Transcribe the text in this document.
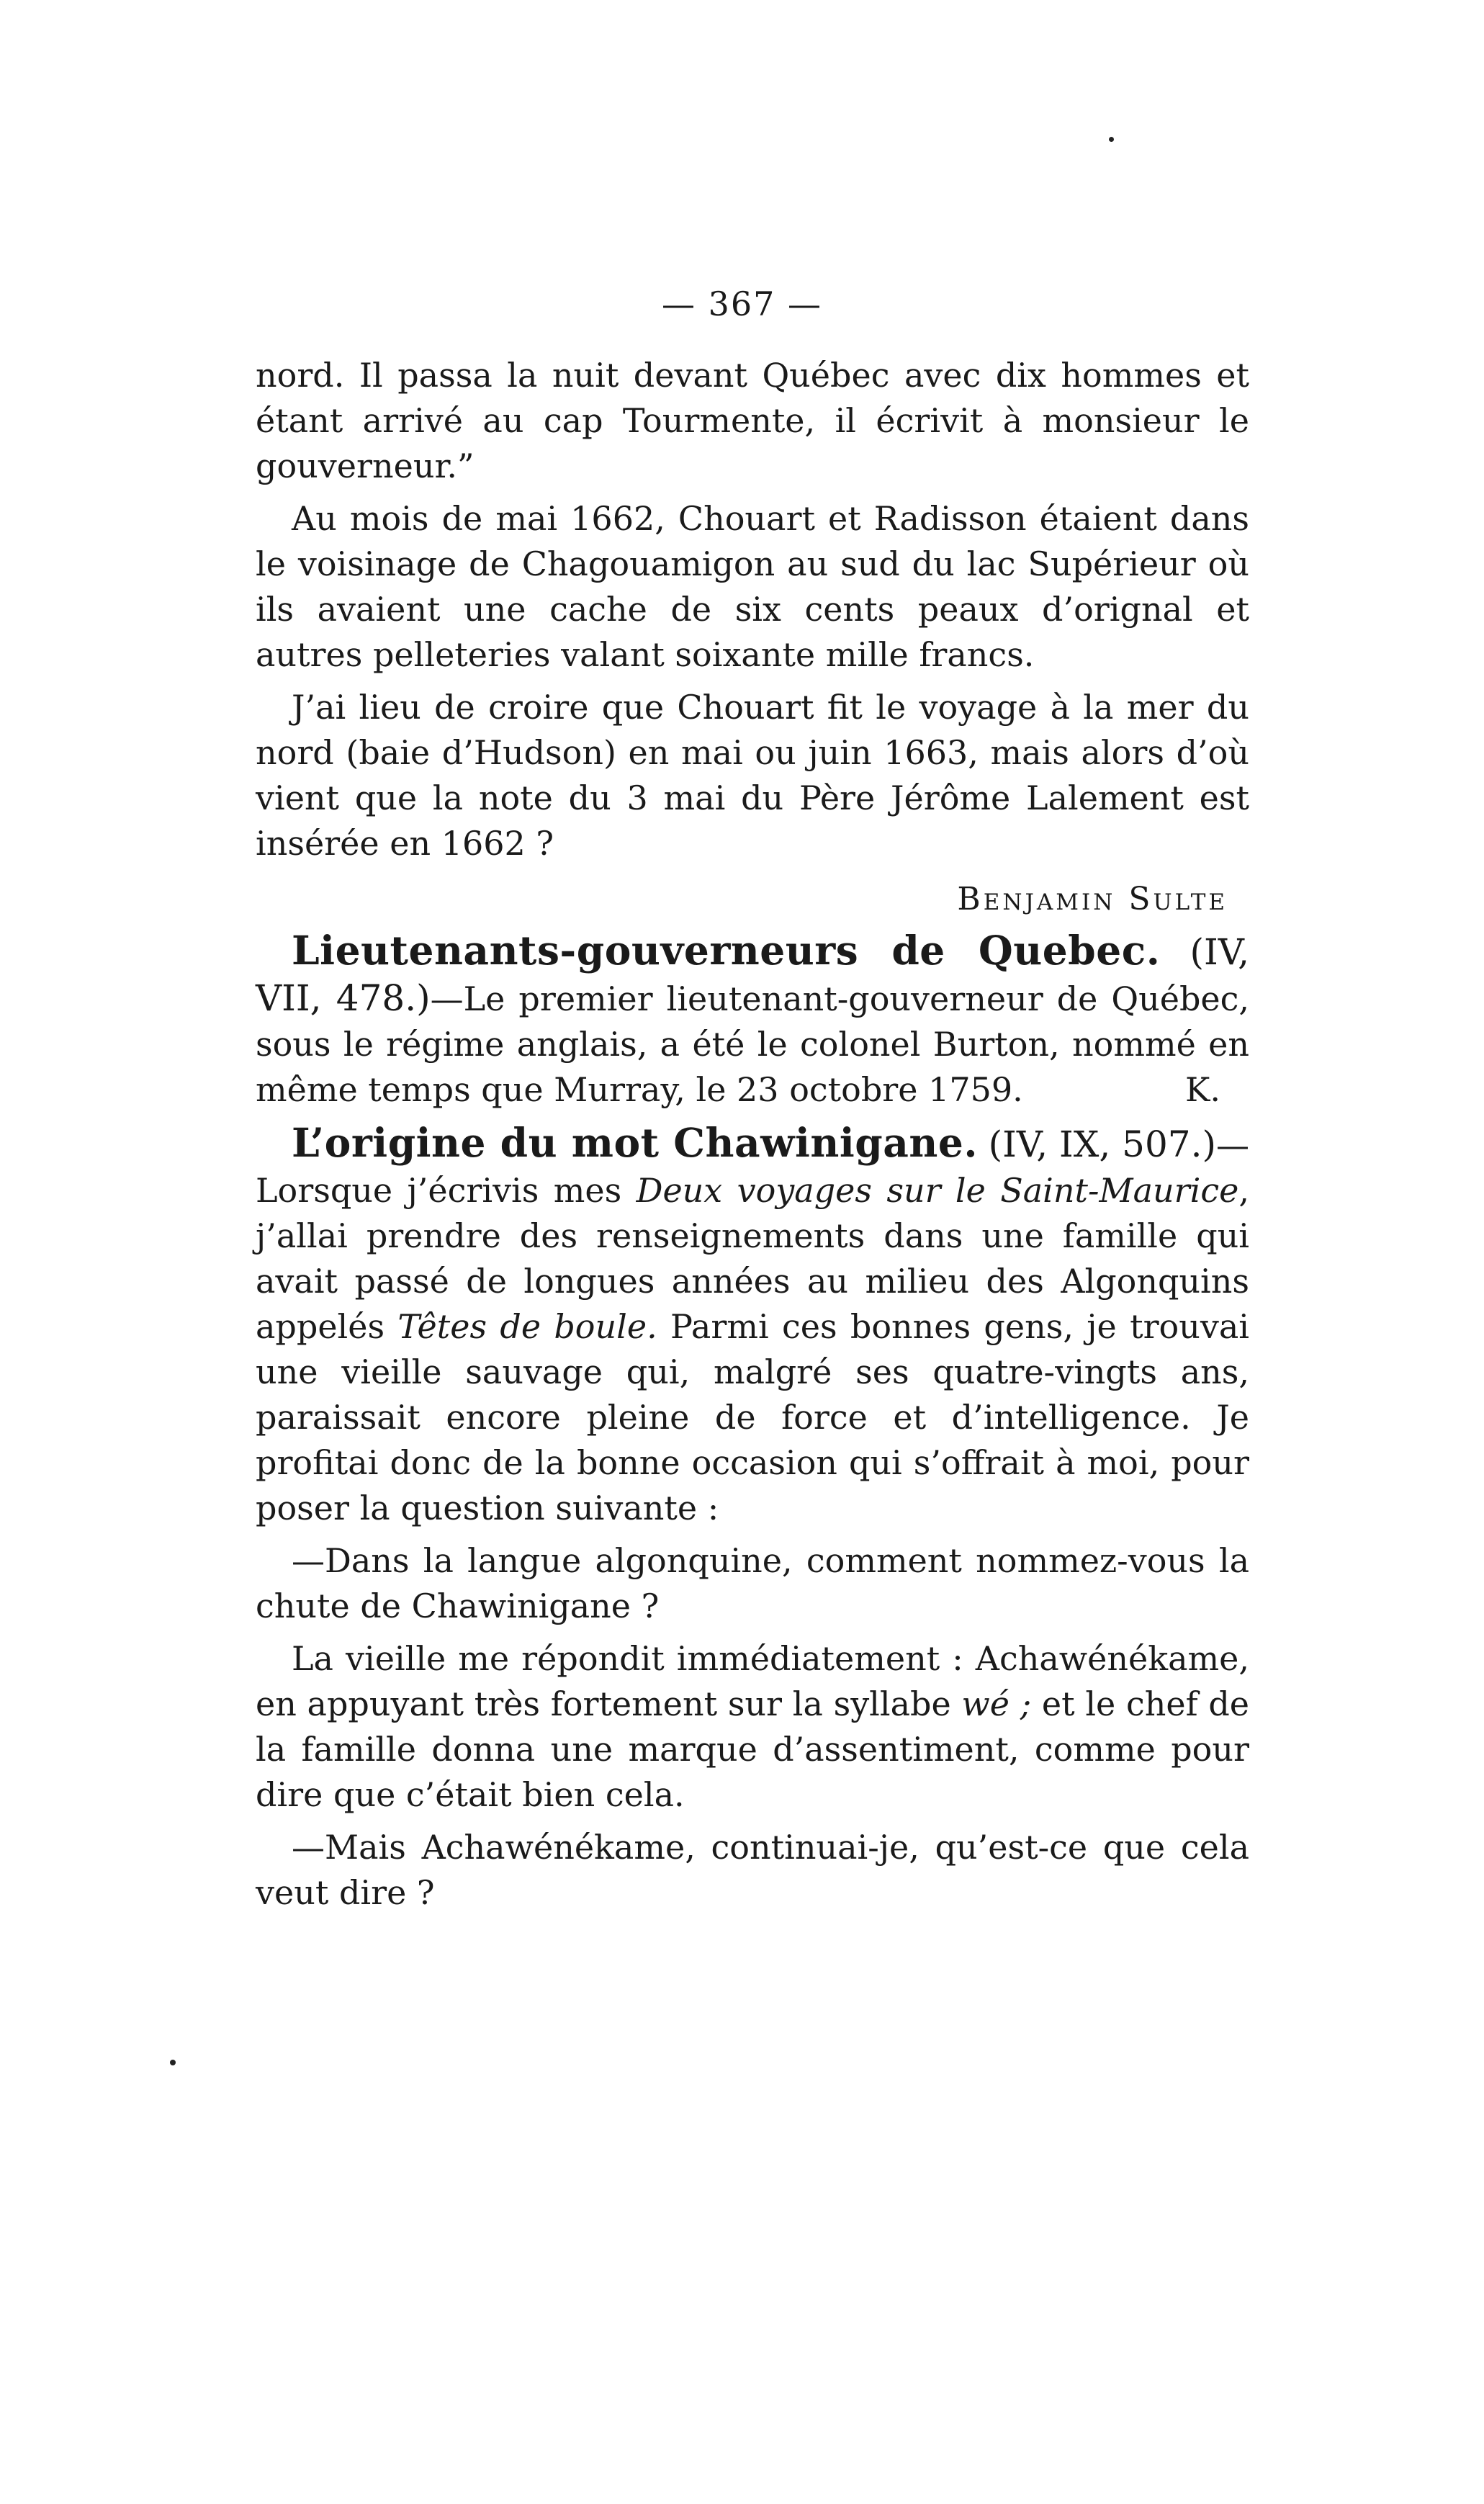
— 367 —

nord. Il passa la nuit devant Québec avec dix hommes et étant arrivé au cap Tourmente, il écrivit à monsieur le gouverneur.”

Au mois de mai 1662, Chouart et Radisson étaient dans le voisinage de Chagouamigon au sud du lac Supérieur où ils avaient une cache de six cents peaux d’orignal et autres pelleteries valant soixante mille francs.

J’ai lieu de croire que Chouart fit le voyage à la mer du nord (baie d’Hudson) en mai ou juin 1663, mais alors d’où vient que la note du 3 mai du Père Jérôme Lalement est insérée en 1662 ?

Benjamin Sulte

Lieutenants-gouverneurs de Quebec. (IV, VII, 478.)—Le premier lieutenant-gouverneur de Québec, sous le régime anglais, a été le colonel Burton, nommé en même temps que Murray, le 23 octobre 1759.	K.

L’origine du mot Chawinigane. (IV, IX, 507.)—Lorsque j’écrivis mes Deux voyages sur le Saint-Maurice, j’allai prendre des renseignements dans une famille qui avait passé de longues années au milieu des Algonquins appelés Têtes de boule. Parmi ces bonnes gens, je trouvai une vieille sauvage qui, malgré ses quatre-vingts ans, paraissait encore pleine de force et d’intelligence. Je profitai donc de la bonne occasion qui s’offrait à moi, pour poser la question suivante :

—Dans la langue algonquine, comment nommez-vous la chute de Chawinigane ?

La vieille me répondit immédiatement : Achawénékame, en appuyant très fortement sur la syllabe wé ; et le chef de la famille donna une marque d’assentiment, comme pour dire que c’était bien cela.

—Mais Achawénékame, continuai-je, qu’est-ce que cela veut dire ?
